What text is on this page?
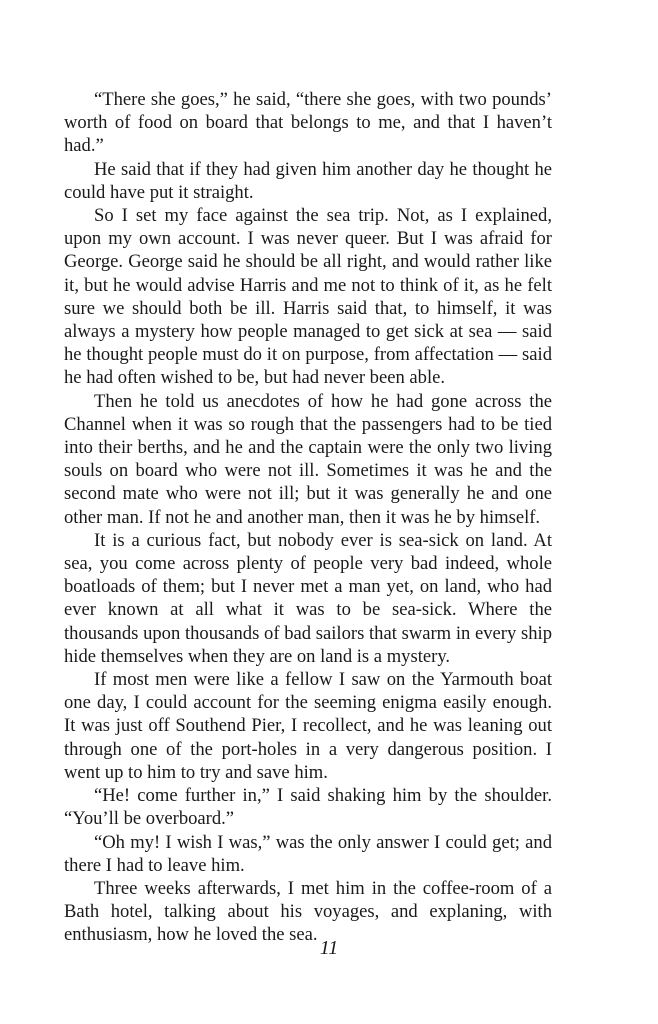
“There she goes,” he said, “there she goes, with two pounds’ worth of food on board that belongs to me, and that I haven’t had.”

He said that if they had given him another day he thought he could have put it straight.

So I set my face against the sea trip. Not, as I explained, upon my own account. I was never queer. But I was afraid for George. George said he should be all right, and would rather like it, but he would advise Harris and me not to think of it, as he felt sure we should both be ill. Harris said that, to himself, it was always a mystery how people managed to get sick at sea — said he thought people must do it on purpose, from affectation — said he had often wished to be, but had never been able.

Then he told us anecdotes of how he had gone across the Channel when it was so rough that the passengers had to be tied into their berths, and he and the captain were the only two living souls on board who were not ill. Sometimes it was he and the second mate who were not ill; but it was generally he and one other man. If not he and another man, then it was he by himself.

It is a curious fact, but nobody ever is sea-sick on land. At sea, you come across plenty of people very bad indeed, whole boatloads of them; but I never met a man yet, on land, who had ever known at all what it was to be sea-sick. Where the thousands upon thousands of bad sailors that swarm in every ship hide themselves when they are on land is a mystery.

If most men were like a fellow I saw on the Yarmouth boat one day, I could account for the seeming enigma easily enough. It was just off Southend Pier, I recollect, and he was leaning out through one of the port-holes in a very dangerous position. I went up to him to try and save him.

“He! come further in,” I said shaking him by the shoulder. “You’ll be overboard.”

“Oh my! I wish I was,” was the only answer I could get; and there I had to leave him.

Three weeks afterwards, I met him in the coffee-room of a Bath hotel, talking about his voyages, and explaning, with enthusiasm, how he loved the sea.

11
